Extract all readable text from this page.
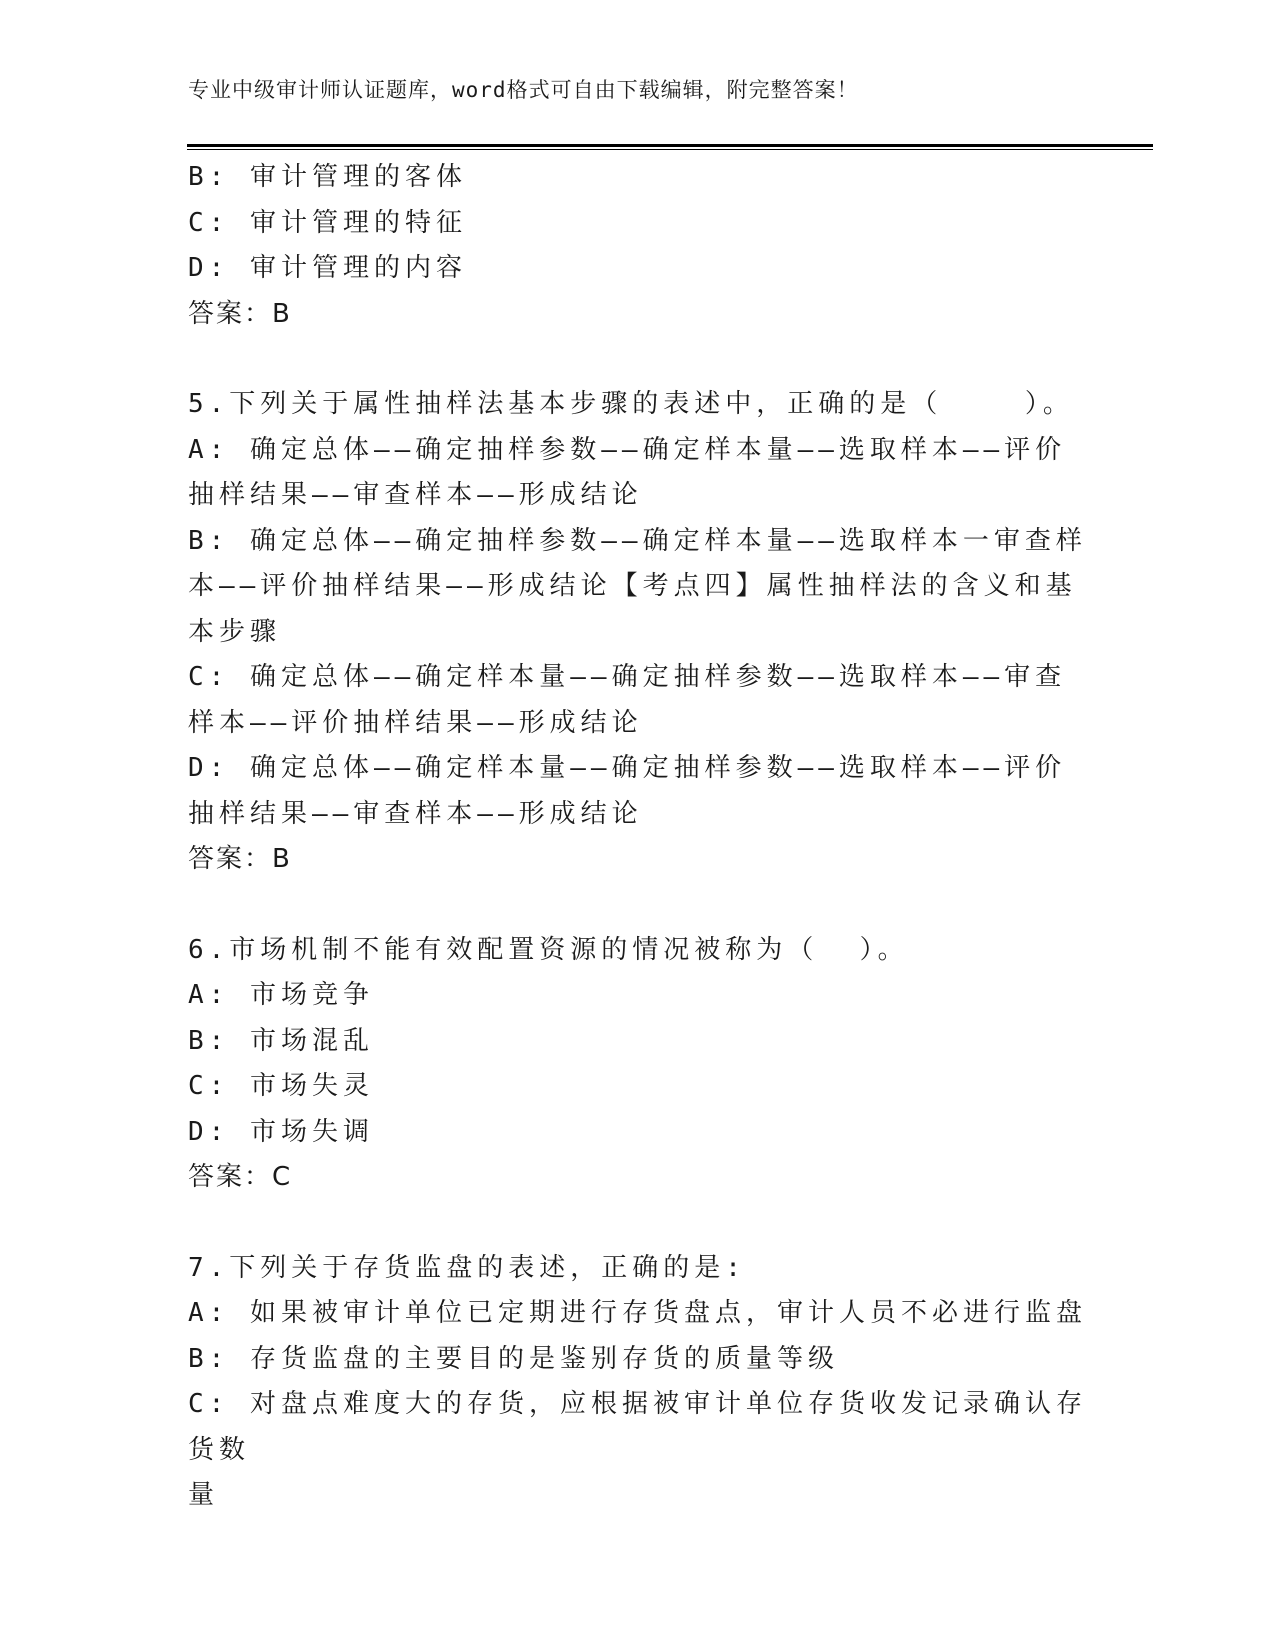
专业中级审计师认证题库，word格式可自由下载编辑，附完整答案！
B: 审计管理的客体
C: 审计管理的特征
D: 审计管理的内容
答案：B
5.下列关于属性抽样法基本步骤的表述中，正确的是（    ）。
A: 确定总体——确定抽样参数——确定样本量——选取样本——评价
抽样结果——审查样本——形成结论
B: 确定总体——确定抽样参数——确定样本量——选取样本一审查样
本——评价抽样结果——形成结论【考点四】属性抽样法的含义和基
本步骤
C: 确定总体——确定样本量——确定抽样参数——选取样本——审查
样本——评价抽样结果——形成结论
D: 确定总体——确定样本量——确定抽样参数——选取样本——评价
抽样结果——审查样本——形成结论
答案：B
6.市场机制不能有效配置资源的情况被称为（  ）。
A: 市场竞争
B: 市场混乱
C: 市场失灵
D: 市场失调
答案：C
7.下列关于存货监盘的表述，正确的是:
A: 如果被审计单位已定期进行存货盘点，审计人员不必进行监盘
B: 存货监盘的主要目的是鉴别存货的质量等级
C: 对盘点难度大的存货，应根据被审计单位存货收发记录确认存货数
量
